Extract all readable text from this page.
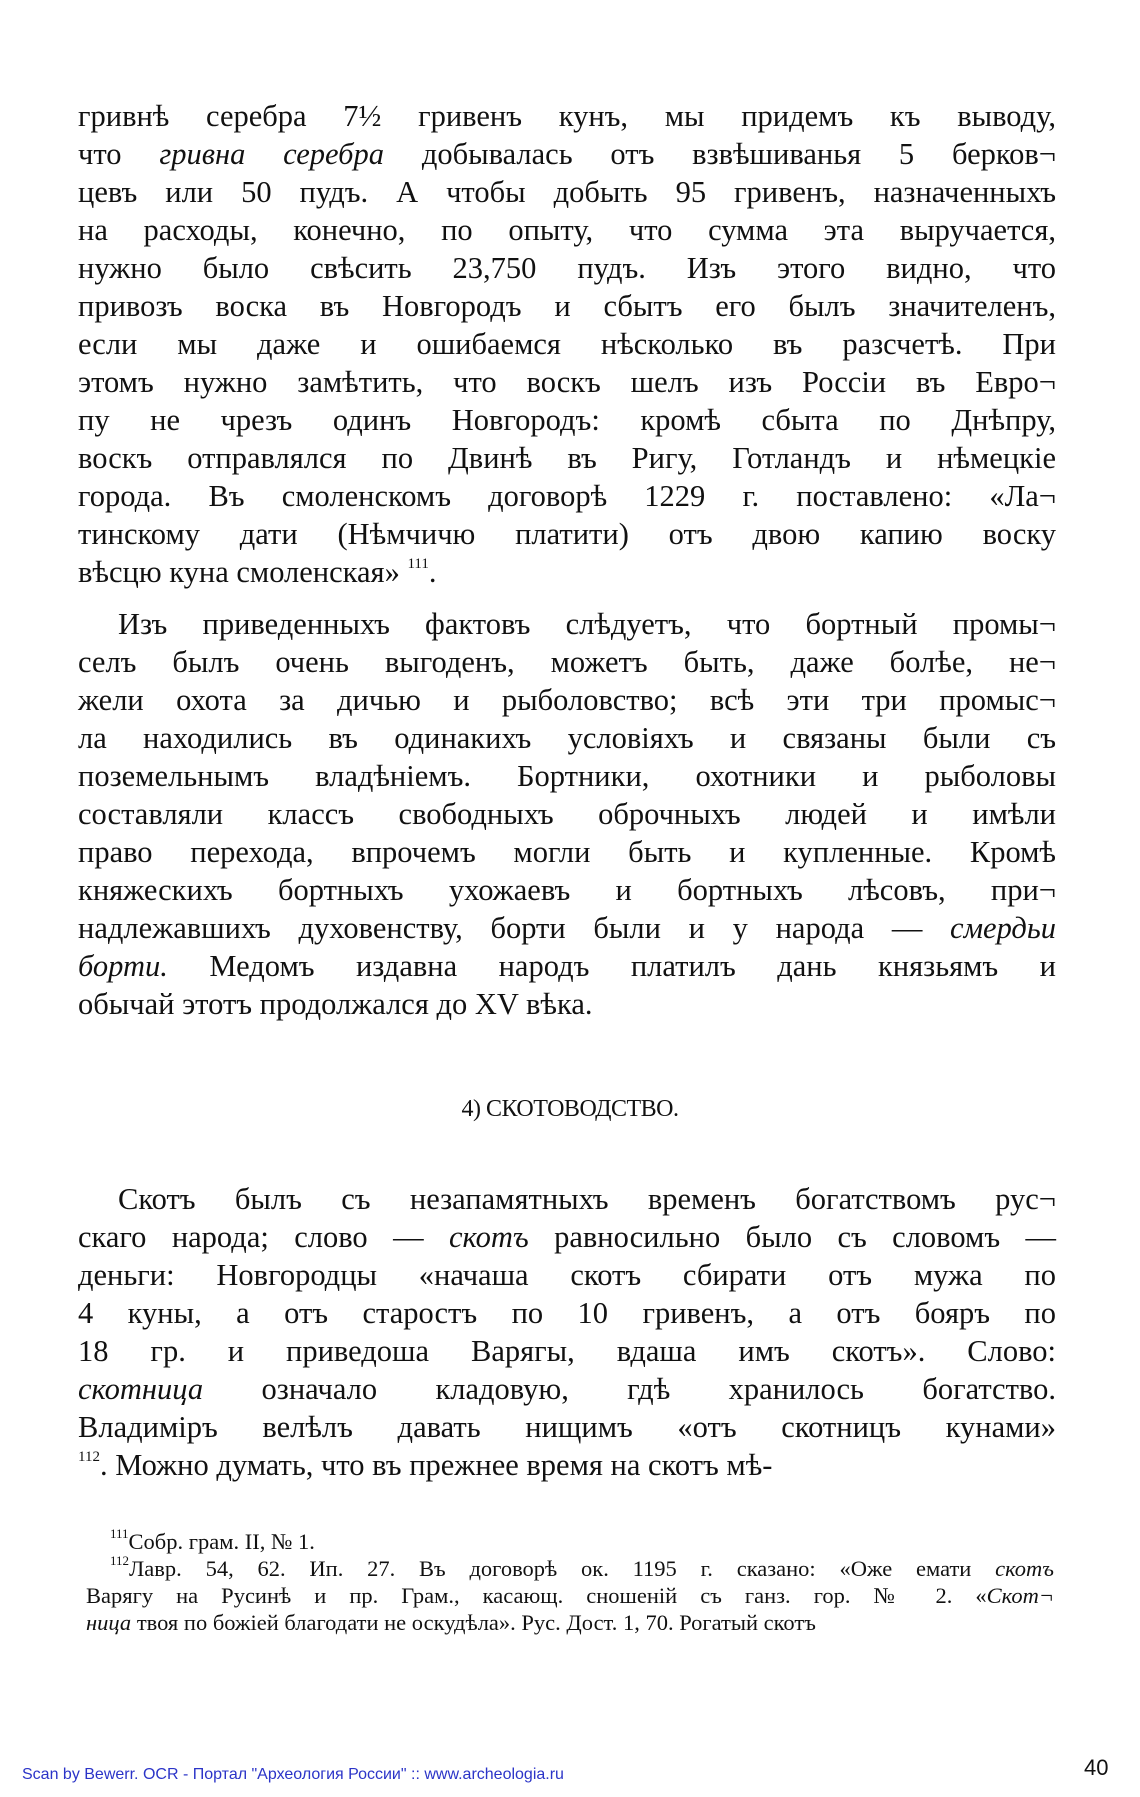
гривнѣ серебра 7½ гривенъ кунъ, мы придемъ къ выводу,
что гривна серебра добывалась отъ взвѣшиванья 5 берков¬
цевъ или 50 пудъ. А чтобы добыть 95 гривенъ, назначенныхъ
на расходы, конечно, по опыту, что сумма эта выручается,
нужно было свѣсить 23,750 пудъ. Изъ этого видно, что
привозъ воска въ Новгородъ и сбытъ его былъ значителенъ,
если мы даже и ошибаемся нѣсколько въ разсчетѣ. При
этомъ нужно замѣтить, что воскъ шелъ изъ Россіи въ Евро¬
пу не чрезъ одинъ Новгородъ: кромѣ сбыта по Днѣпру,
воскъ отправлялся по Двинѣ въ Ригу, Готландъ и нѣмецкіе
города. Въ смоленскомъ договорѣ 1229 г. поставлено: «Ла¬
тинскому дати (Нѣмчичю платити) отъ двою капию воску
вѣсцю куна смоленская» $^{111}$.
Изъ приведенныхъ фактовъ слѣдуетъ, что бортный промы¬
селъ былъ очень выгоденъ, можетъ быть, даже болѣе, не¬
жели охота за дичью и рыболовство; всѣ эти три промыс¬
ла находились въ одинакихъ условіяхъ и связаны были съ
поземельнымъ владѣніемъ. Бортники, охотники и рыболовы
составляли классъ свободныхъ оброчныхъ людей и имѣли
право перехода, впрочемъ могли быть и купленные. Кромѣ
княжескихъ бортныхъ ухожаевъ и бортныхъ лѣсовъ, при¬
надлежавшихъ духовенству, борти были и у народа — смердьи
борти. Медомъ издавна народъ платилъ дань князьямъ и
обычай этотъ продолжался до XV вѣка.
4) СКОТОВОДСТВО.
Скотъ былъ съ незапамятныхъ временъ богатствомъ рус¬
скаго народа; слово — скотъ равносильно было съ словомъ —
деньги: Новгородцы «начаша скотъ сбирати отъ мужа по
4 куны, а отъ старостъ по 10 гривенъ, а отъ бояръ по
18 гр. и приведоша Варягы, вдаша имъ скотъ». Слово:
скотница означало кладовую, гдѣ хранилось богатство.
Владиміръ велѣлъ давать нищимъ «отъ скотницъ кунами»
$^{112}$. Можно думать, что въ прежнее время на скотъ мѣ-
$^{111}$Собр. грам. II, № 1.
$^{112}$Лавр. 54, 62. Ип. 27. Въ договорѣ ок. 1195 г. сказано: «Оже емати скотъ
Варягу на Русинѣ и пр. Грам., касающ. сношеній съ ганз. гор. № 2. «Скот¬
ница твоя по божіей благодати не оскудѣла». Рус. Дост. 1, 70. Рогатый скотъ
Scan by Bewerr. OCR - Портал "Археология России" :: www.archeologia.ru	40
